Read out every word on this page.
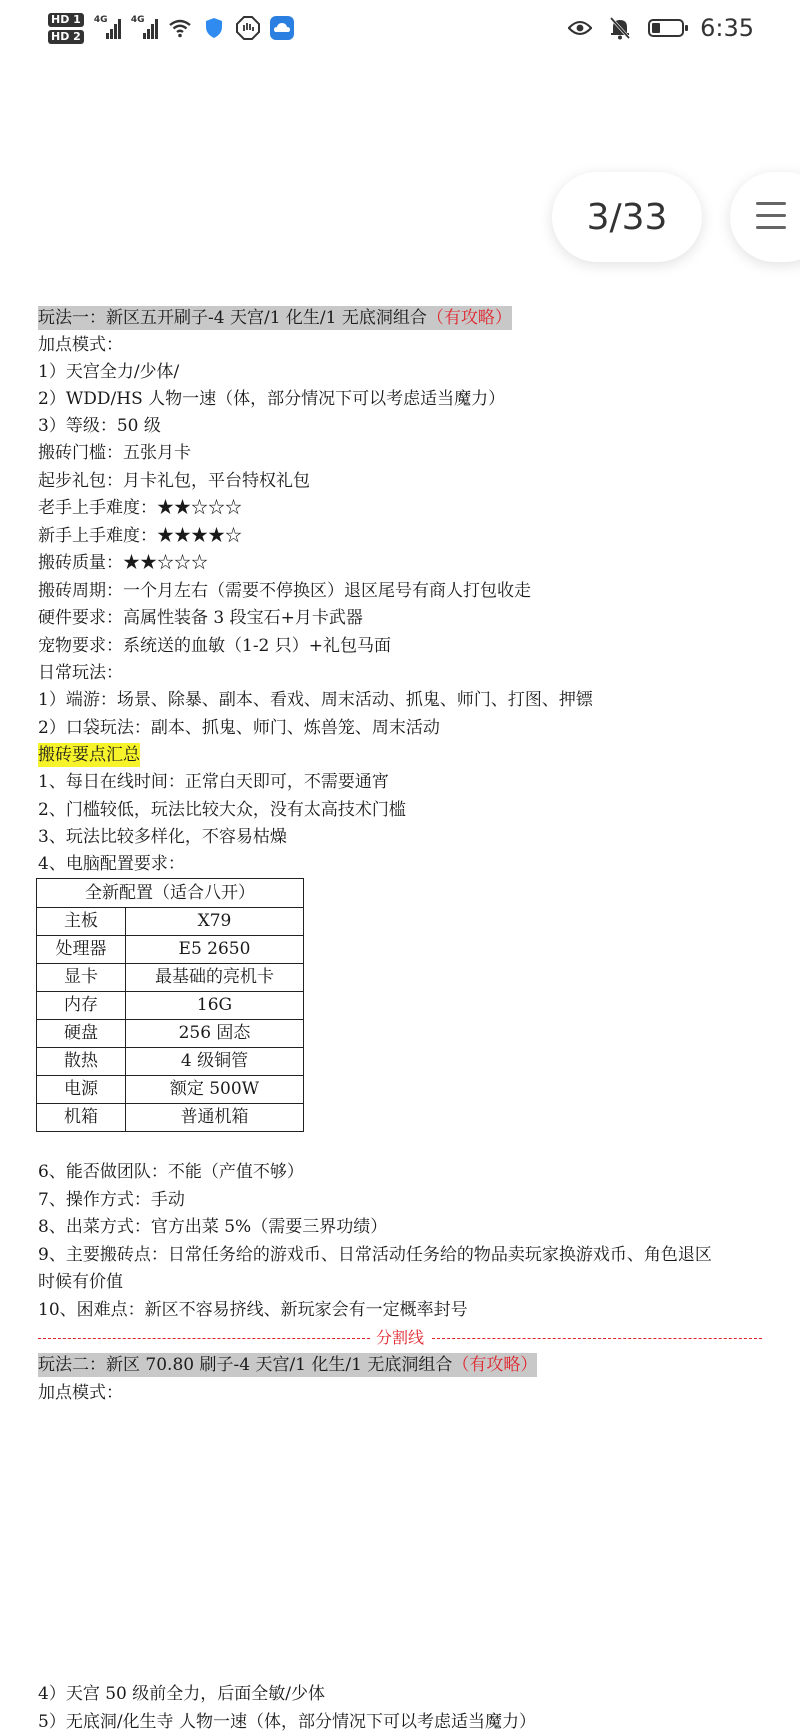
HD 1
HD 2
4G	4G	6:35
3/33
玩法一：新区五开刷子-4 天宫/1 化生/1 无底洞组合（有攻略）
加点模式：
1）天宫全力/少体/
2）WDD/HS 人物一速（体，部分情况下可以考虑适当魔力）
3）等级：50 级
搬砖门槛：五张月卡
起步礼包：月卡礼包，平台特权礼包
老手上手难度：★★☆☆☆
新手上手难度：★★★★☆
搬砖质量：★★☆☆☆
搬砖周期：一个月左右（需要不停换区）退区尾号有商人打包收走
硬件要求：高属性装备 3 段宝石+月卡武器
宠物要求：系统送的血敏（1-2 只）+礼包马面
日常玩法：
1）端游：场景、除暴、副本、看戏、周末活动、抓鬼、师门、打图、押镖
2）口袋玩法：副本、抓鬼、师门、炼兽笼、周末活动
搬砖要点汇总
1、每日在线时间：正常白天即可，不需要通宵
2、门槛较低，玩法比较大众，没有太高技术门槛
3、玩法比较多样化，不容易枯燥
4、电脑配置要求：
全新配置（适合八开）	
主板	X79
处理器	E5 2650
显卡	最基础的亮机卡
内存	16G
硬盘	256 固态
散热	4 级铜管
电源	额定 500W
机箱	普通机箱
6、能否做团队：不能（产值不够）
7、操作方式：手动
8、出菜方式：官方出菜 5%（需要三界功绩）
9、主要搬砖点：日常任务给的游戏币、日常活动任务给的物品卖玩家换游戏币、角色退区
时候有价值
10、困难点：新区不容易挤线、新玩家会有一定概率封号
分割线
玩法二：新区 70.80 刷子-4 天宫/1 化生/1 无底洞组合（有攻略）
加点模式：
4）天宫 50 级前全力，后面全敏/少体
5）无底洞/化生寺 人物一速（体，部分情况下可以考虑适当魔力）
